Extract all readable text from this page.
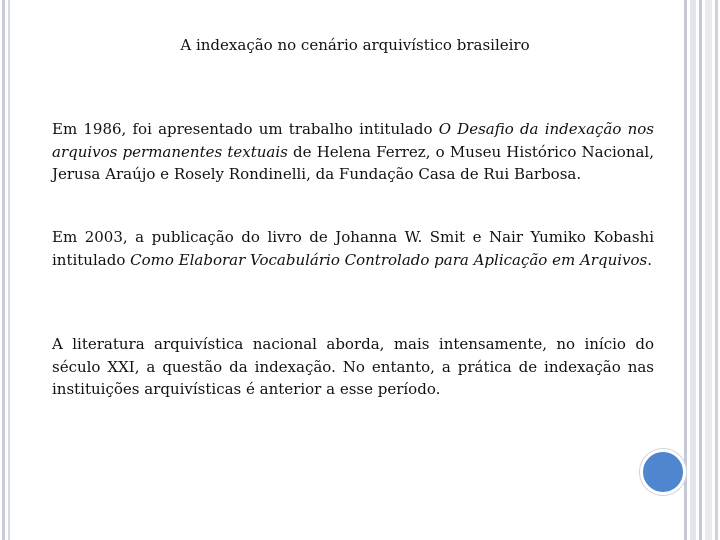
A indexação no cenário arquivístico brasileiro

Em 1986, foi apresentado um trabalho intitulado O Desafio da indexação nos arquivos permanentes textuais de Helena Ferrez, o Museu Histórico Nacional, Jerusa Araújo e Rosely Rondinelli, da Fundação Casa de Rui Barbosa.

Em 2003, a publicação do livro de Johanna W. Smit e Nair Yumiko Kobashi intitulado Como Elaborar Vocabulário Controlado para Aplicação em Arquivos.

A literatura arquivística nacional aborda, mais intensamente, no início do século XXI, a questão da indexação. No entanto, a prática de indexação nas instituições arquivísticas é anterior a esse período.
